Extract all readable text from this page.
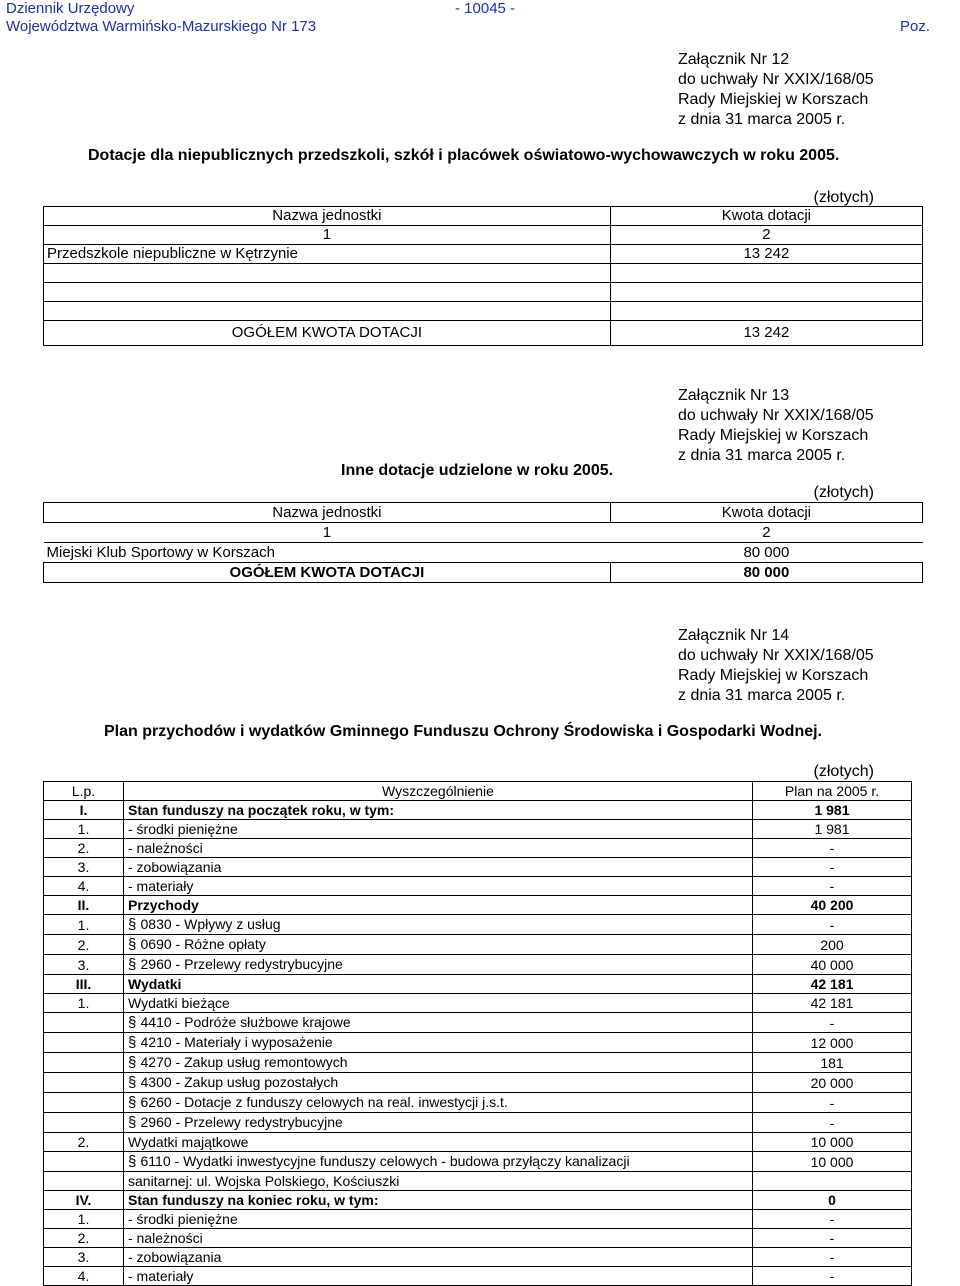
Dziennik Urzędowy
Województwa Warmińsko-Mazurskiego Nr 173
- 10045 -
Poz.
Załącznik Nr 12
do uchwały Nr XXIX/168/05
Rady Miejskiej w Korszach
z dnia 31 marca 2005 r.
Dotacje dla niepublicznych przedszkoli, szkół i placówek oświatowo-wychowawczych w roku 2005.
(złotych)
Nazwa jednostki	Kwota dotacji
1	2
Przedszkole niepubliczne w Kętrzynie	13 242

OGÓŁEM KWOTA DOTACJI	13 242
Załącznik Nr 13
do uchwały Nr XXIX/168/05
Rady Miejskiej w Korszach
z dnia 31 marca 2005 r.
Inne dotacje udzielone w roku 2005.
(złotych)
Nazwa jednostki	Kwota dotacji
1	2
Miejski Klub Sportowy w Korszach	80 000
OGÓŁEM KWOTA DOTACJI	80 000
Załącznik Nr 14
do uchwały Nr XXIX/168/05
Rady Miejskiej w Korszach
z dnia 31 marca 2005 r.
Plan przychodów i wydatków Gminnego Funduszu Ochrony Środowiska i Gospodarki Wodnej.
(złotych)
L.p.	Wyszczególnienie	Plan na 2005 r.
I.	Stan funduszy na początek roku, w tym:	1 981
1.	- środki pieniężne	1 981
2.	- należności	-
3.	- zobowiązania	-
4.	- materiały	-
II.	Przychody	40 200
1.	§ 0830 - Wpływy z usług	-
2.	§ 0690 - Różne opłaty	200
3.	§ 2960 - Przelewy redystrybucyjne	40 000
III.	Wydatki	42 181
1.	Wydatki bieżące	42 181
	§ 4410 - Podróże służbowe krajowe	-
	§ 4210 - Materiały i wyposażenie	12 000
	§ 4270 - Zakup usług remontowych	181
	§ 4300 - Zakup usług pozostałych	20 000
	§ 6260 - Dotacje z funduszy celowych na real. inwestycji j.s.t.	-
	§ 2960 - Przelewy redystrybucyjne	-
2.	Wydatki majątkowe	10 000
	§ 6110 - Wydatki inwestycyjne funduszy celowych - budowa przyłączy kanalizacji	10 000
	sanitarnej: ul. Wojska Polskiego, Kościuszki	
IV.	Stan funduszy na koniec roku, w tym:	0
1.	- środki pieniężne	-
2.	- należności	-
3.	- zobowiązania	-
4.	- materiały	-
